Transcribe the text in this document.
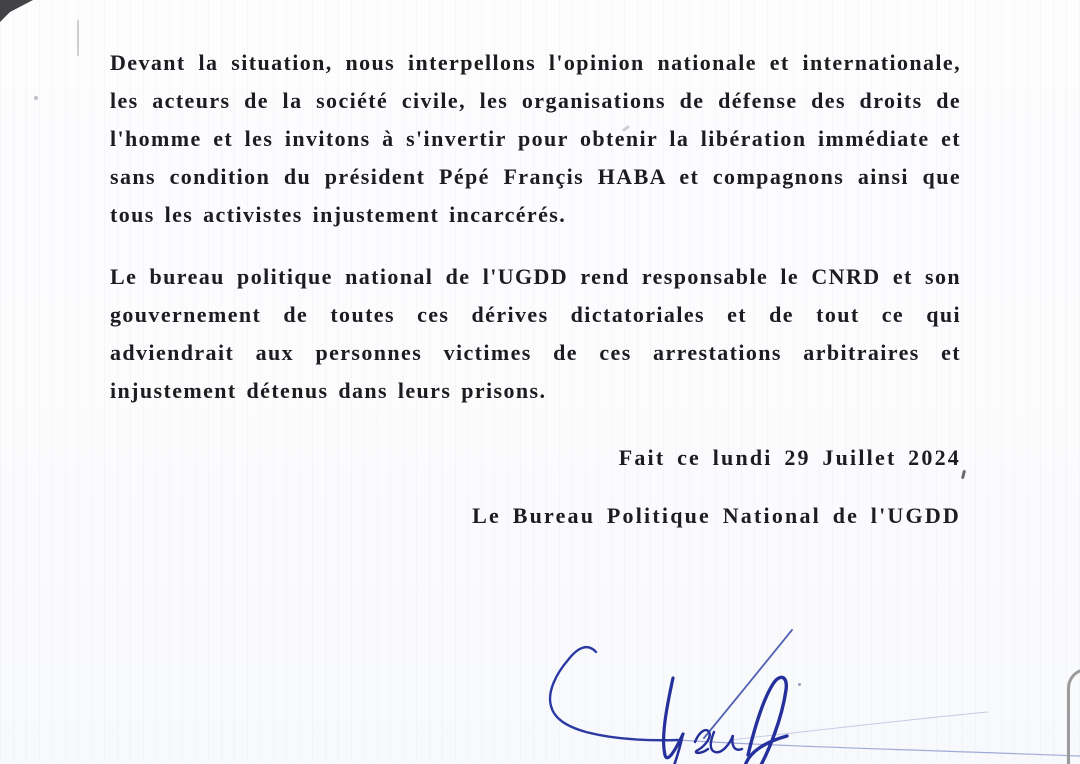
Devant la situation, nous interpellons l'opinion nationale et internationale, les acteurs de la société civile, les organisations de défense des droits de l'homme et les invitons à s'invertir pour obtenir la libération immédiate et sans condition du président Pépé Françis HABA et compagnons ainsi que tous les activistes injustement incarcérés.

Le bureau politique national de l'UGDD rend responsable le CNRD et son gouvernement de toutes ces dérives dictatoriales et de tout ce qui adviendrait aux personnes victimes de ces arrestations arbitraires et injustement détenus dans leurs prisons.

Fait ce lundi 29 Juillet 2024
Le Bureau Politique National de l'UGDD
